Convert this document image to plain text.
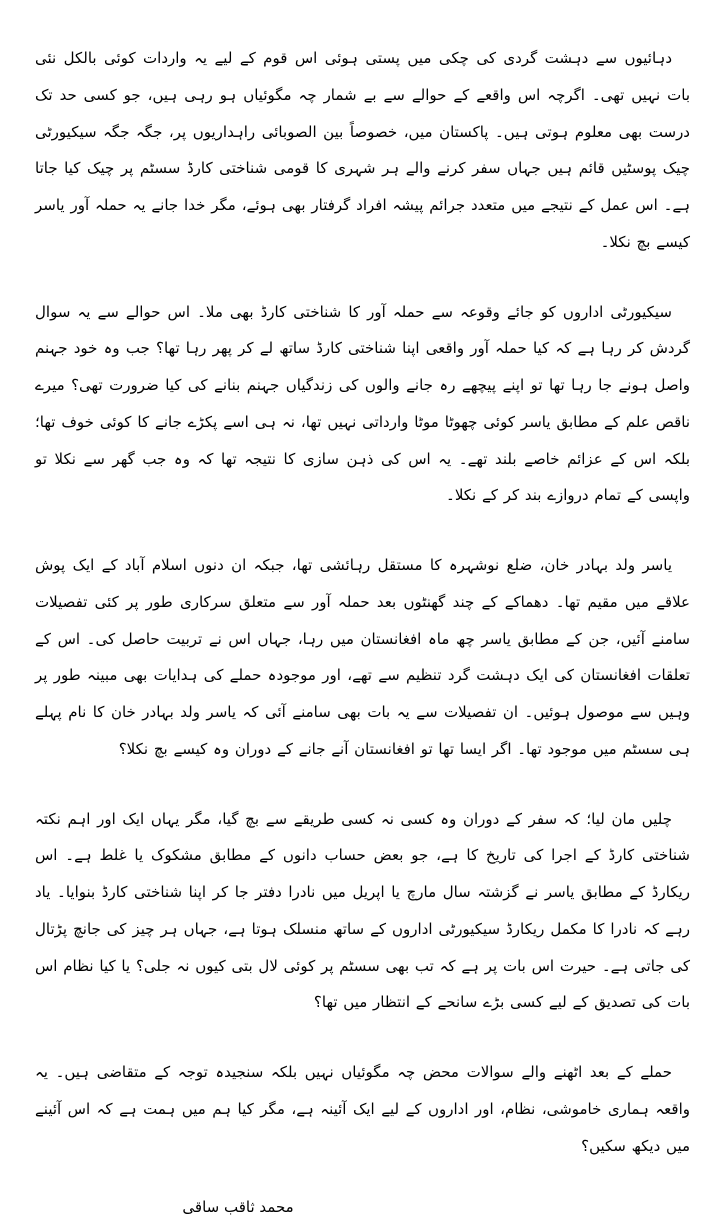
دہائیوں سے دہشت گردی کی چکی میں پستی ہوئی اس قوم کے لیے یہ واردات کوئی بالکل نئی بات نہیں تھی۔ اگرچہ اس واقعے کے حوالے سے بے شمار چہ مگوئیاں ہو رہی ہیں، جو کسی حد تک درست بھی معلوم ہوتی ہیں۔ پاکستان میں، خصوصاً بین الصوبائی راہداریوں پر، جگہ جگہ سیکیورٹی چیک پوسٹیں قائم ہیں جہاں سفر کرنے والے ہر شہری کا قومی شناختی کارڈ سسٹم پر چیک کیا جاتا ہے۔ اس عمل کے نتیجے میں متعدد جرائم پیشہ افراد گرفتار بھی ہوئے، مگر خدا جانے یہ حملہ آور یاسر کیسے بچ نکلا۔

سیکیورٹی اداروں کو جائے وقوعہ سے حملہ آور کا شناختی کارڈ بھی ملا۔ اس حوالے سے یہ سوال گردش کر رہا ہے کہ کیا حملہ آور واقعی اپنا شناختی کارڈ ساتھ لے کر پھر رہا تھا؟ جب وہ خود جہنم واصل ہونے جا رہا تھا تو اپنے پیچھے رہ جانے والوں کی زندگیاں جہنم بنانے کی کیا ضرورت تھی؟ میرے ناقص علم کے مطابق یاسر کوئی چھوٹا موٹا وارداتی نہیں تھا، نہ ہی اسے پکڑے جانے کا کوئی خوف تھا؛ بلکہ اس کے عزائم خاصے بلند تھے۔ یہ اس کی ذہن سازی کا نتیجہ تھا کہ وہ جب گھر سے نکلا تو واپسی کے تمام دروازے بند کر کے نکلا۔

یاسر ولد بہادر خان، ضلع نوشہرہ کا مستقل رہائشی تھا، جبکہ ان دنوں اسلام آباد کے ایک پوش علاقے میں مقیم تھا۔ دھماکے کے چند گھنٹوں بعد حملہ آور سے متعلق سرکاری طور پر کئی تفصیلات سامنے آئیں، جن کے مطابق یاسر چھ ماہ افغانستان میں رہا، جہاں اس نے تربیت حاصل کی۔ اس کے تعلقات افغانستان کی ایک دہشت گرد تنظیم سے تھے، اور موجودہ حملے کی ہدایات بھی مبینہ طور پر وہیں سے موصول ہوئیں۔ ان تفصیلات سے یہ بات بھی سامنے آئی کہ یاسر ولد بہادر خان کا نام پہلے ہی سسٹم میں موجود تھا۔ اگر ایسا تھا تو افغانستان آنے جانے کے دوران وہ کیسے بچ نکلا؟

چلیں مان لیا؛ کہ سفر کے دوران وہ کسی نہ کسی طریقے سے بچ گیا، مگر یہاں ایک اور اہم نکتہ شناختی کارڈ کے اجرا کی تاریخ کا ہے، جو بعض حساب دانوں کے مطابق مشکوک یا غلط ہے۔ اس ریکارڈ کے مطابق یاسر نے گزشتہ سال مارچ یا اپریل میں نادرا دفتر جا کر اپنا شناختی کارڈ بنوایا۔ یاد رہے کہ نادرا کا مکمل ریکارڈ سیکیورٹی اداروں کے ساتھ منسلک ہوتا ہے، جہاں ہر چیز کی جانچ پڑتال کی جاتی ہے۔ حیرت اس بات پر ہے کہ تب بھی سسٹم پر کوئی لال بتی کیوں نہ جلی؟ یا کیا نظام اس بات کی تصدیق کے لیے کسی بڑے سانحے کے انتظار میں تھا؟

حملے کے بعد اٹھنے والے سوالات محض چہ مگوئیاں نہیں بلکہ سنجیدہ توجہ کے متقاضی ہیں۔ یہ واقعہ ہماری خاموشی، نظام، اور اداروں کے لیے ایک آئینہ ہے، مگر کیا ہم میں ہمت ہے کہ اس آئینے میں دیکھ سکیں؟

محمد ثاقب ساقی
